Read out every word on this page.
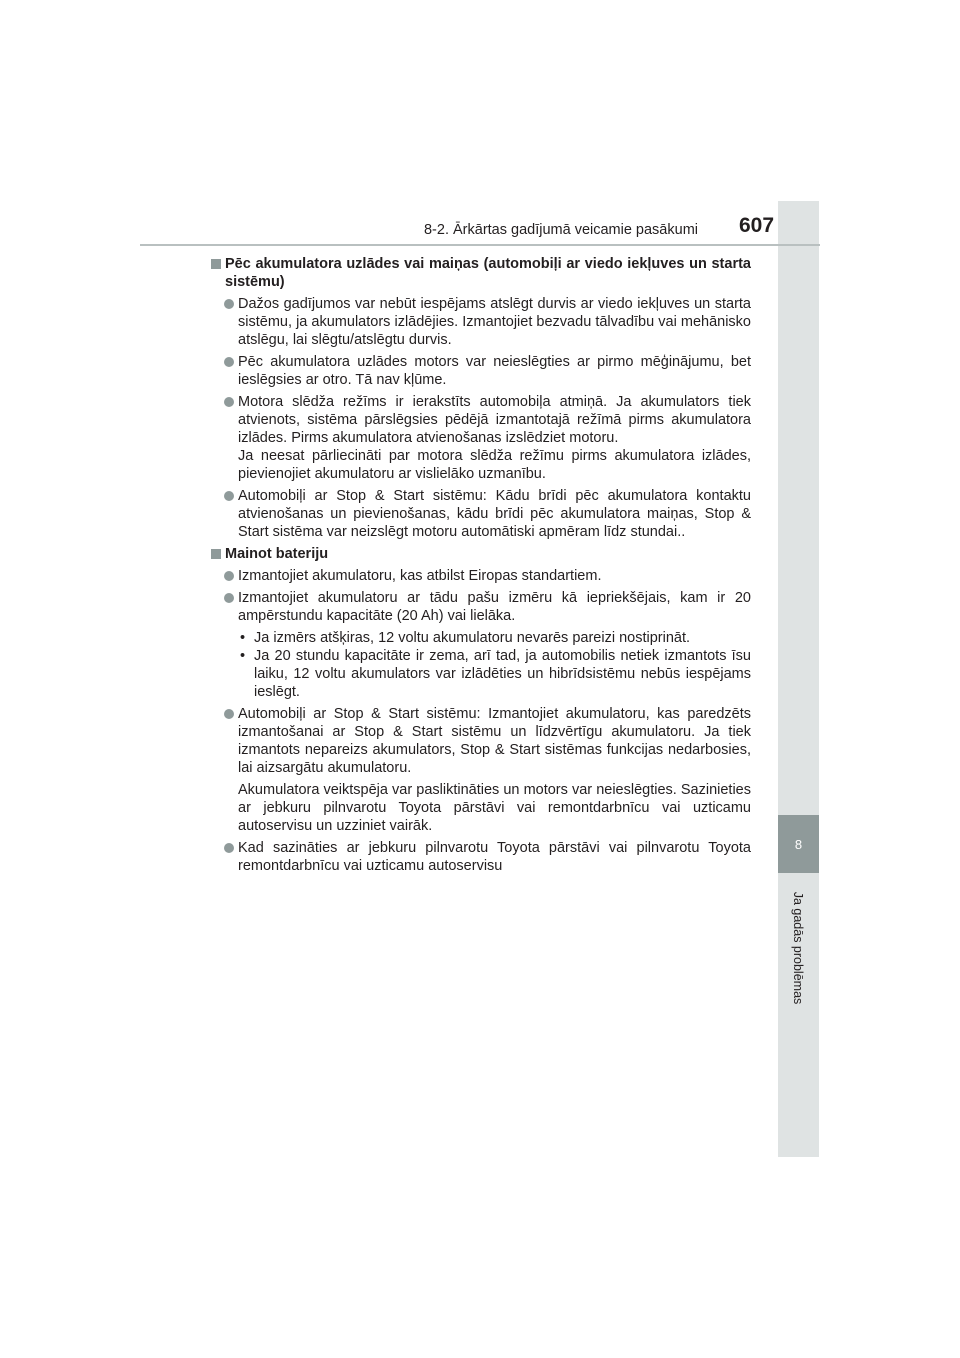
8
Ja gadās problēmas
8-2. Ārkārtas gadījumā veicamie pasākumi 607
Pēc akumulatora uzlādes vai maiņas (automobiļi ar viedo iekļuves un starta sistēmu)
Dažos gadījumos var nebūt iespējams atslēgt durvis ar viedo iekļuves un starta sistēmu, ja akumulators izlādējies. Izmantojiet bezvadu tālvadību vai mehānisko atslēgu, lai slēgtu/atslēgtu durvis.
Pēc akumulatora uzlādes motors var neieslēgties ar pirmo mēģinājumu, bet ieslēgsies ar otro. Tā nav kļūme.
Motora slēdža režīms ir ierakstīts automobiļa atmiņā. Ja akumulators tiek atvienots, sistēma pārslēgsies pēdējā izmantotajā režīmā pirms akumulatora izlādes. Pirms akumulatora atvienošanas izslēdziet motoru.
Ja neesat pārliecināti par motora slēdža režīmu pirms akumulatora izlādes, pievienojiet akumulatoru ar vislielāko uzmanību.
Automobiļi ar Stop & Start sistēmu: Kādu brīdi pēc akumulatora kontaktu atvienošanas un pievienošanas, kādu brīdi pēc akumulatora maiņas, Stop & Start sistēma var neizslēgt motoru automātiski apmēram līdz stundai..
Mainot bateriju
Izmantojiet akumulatoru, kas atbilst Eiropas standartiem.
Izmantojiet akumulatoru ar tādu pašu izmēru kā iepriekšējais, kam ir 20 ampērstundu kapacitāte (20 Ah) vai lielāka.
• Ja izmērs atšķiras, 12 voltu akumulatoru nevarēs pareizi nostiprināt.
• Ja 20 stundu kapacitāte ir zema, arī tad, ja automobilis netiek izmantots īsu laiku, 12 voltu akumulators var izlādēties un hibrīdsistēmu nebūs iespējams ieslēgt.
Automobiļi ar Stop & Start sistēmu: Izmantojiet akumulatoru, kas paredzēts izmantošanai ar Stop & Start sistēmu un līdzvērtīgu akumulatoru. Ja tiek izmantots nepareizs akumulators, Stop & Start sistēmas funkcijas nedarbosies, lai aizsargātu akumulatoru.
Akumulatora veiktspēja var pasliktināties un motors var neieslēgties. Sazinieties ar jebkuru pilnvarotu Toyota pārstāvi vai remontdarbnīcu vai uzticamu autoservisu un uzziniet vairāk.
Kad sazināties ar jebkuru pilnvarotu Toyota pārstāvi vai pilnvarotu Toyota remontdarbnīcu vai uzticamu autoservisu
